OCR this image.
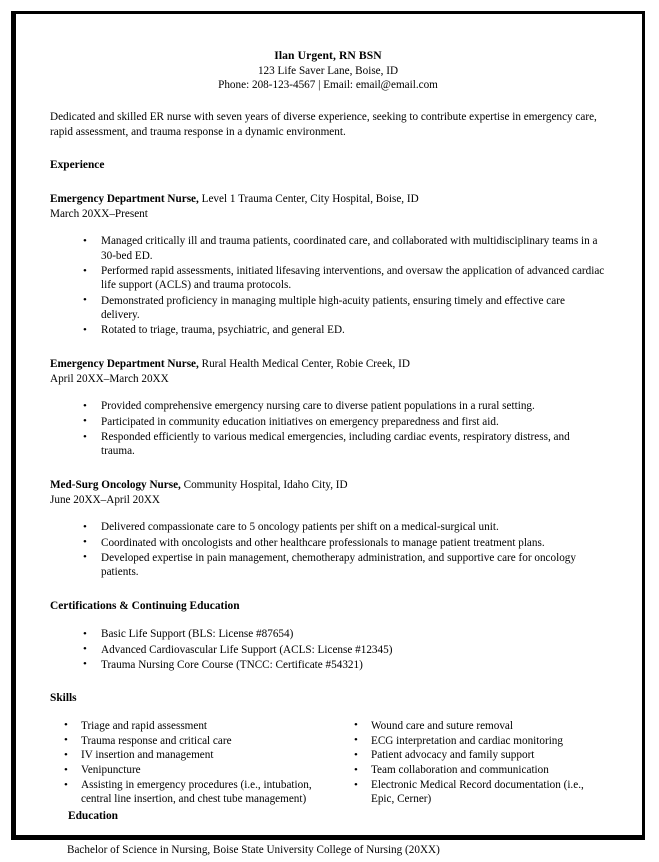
Ilan Urgent, RN BSN
123 Life Saver Lane, Boise, ID
Phone: 208-123-4567 | Email: email@email.com
Dedicated and skilled ER nurse with seven years of diverse experience, seeking to contribute expertise in emergency care, rapid assessment, and trauma response in a dynamic environment.
Experience
Emergency Department Nurse, Level 1 Trauma Center, City Hospital, Boise, ID
March 20XX–Present
• Managed critically ill and trauma patients, coordinated care, and collaborated with multidisciplinary teams in a 30-bed ED.
• Performed rapid assessments, initiated lifesaving interventions, and oversaw the application of advanced cardiac life support (ACLS) and trauma protocols.
• Demonstrated proficiency in managing multiple high-acuity patients, ensuring timely and effective care delivery.
• Rotated to triage, trauma, psychiatric, and general ED.
Emergency Department Nurse, Rural Health Medical Center, Robie Creek, ID
April 20XX–March 20XX
• Provided comprehensive emergency nursing care to diverse patient populations in a rural setting.
• Participated in community education initiatives on emergency preparedness and first aid.
• Responded efficiently to various medical emergencies, including cardiac events, respiratory distress, and trauma.
Med-Surg Oncology Nurse, Community Hospital, Idaho City, ID
June 20XX–April 20XX
• Delivered compassionate care to 5 oncology patients per shift on a medical-surgical unit.
• Coordinated with oncologists and other healthcare professionals to manage patient treatment plans.
• Developed expertise in pain management, chemotherapy administration, and supportive care for oncology patients.
Certifications & Continuing Education
• Basic Life Support (BLS: License #87654)
• Advanced Cardiovascular Life Support (ACLS: License #12345)
• Trauma Nursing Core Course (TNCC: Certificate #54321)
Skills
• Triage and rapid assessment
• Trauma response and critical care
• IV insertion and management
• Venipuncture
• Assisting in emergency procedures (i.e., intubation, central line insertion, and chest tube management)
• Wound care and suture removal
• ECG interpretation and cardiac monitoring
• Patient advocacy and family support
• Team collaboration and communication
• Electronic Medical Record documentation (i.e., Epic, Cerner)
Education
Bachelor of Science in Nursing, Boise State University College of Nursing (20XX)
